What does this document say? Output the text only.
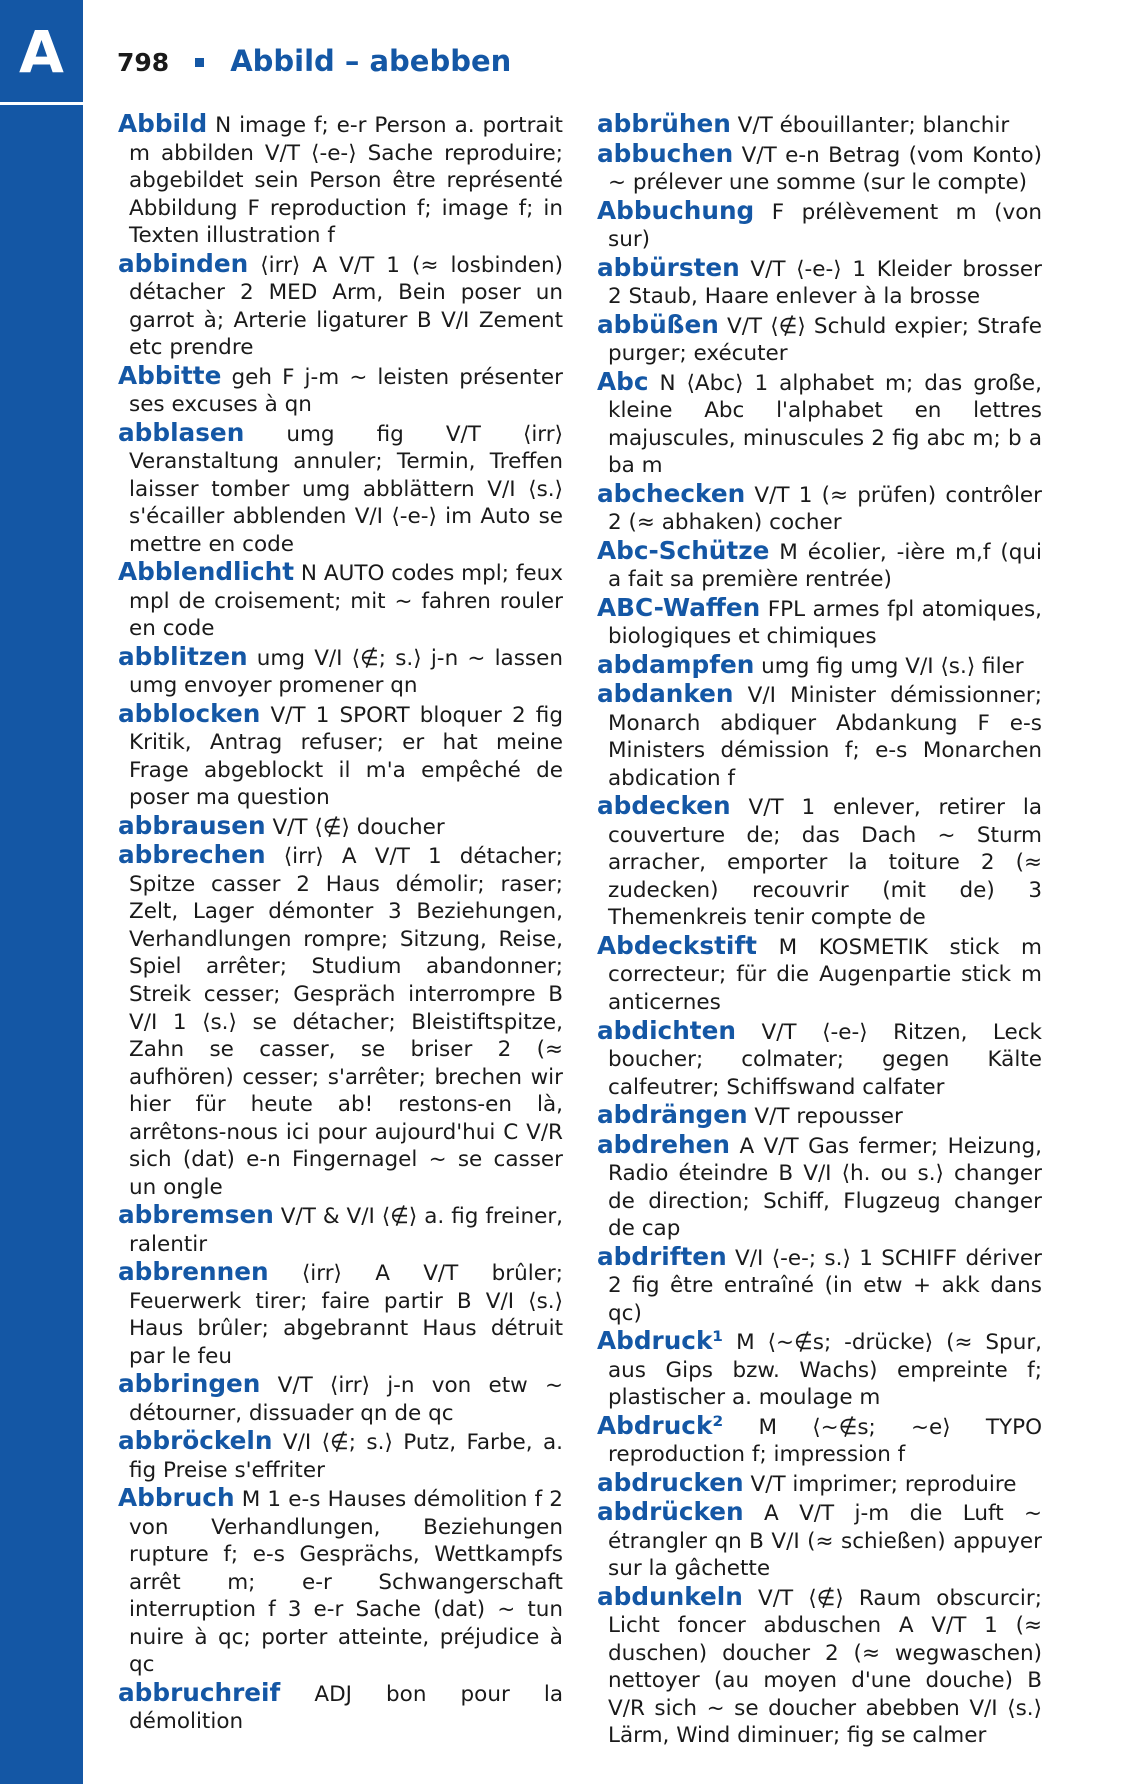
A	798 Abbild – abebben

Abbild N image f; e-r Person a. portrait m abbilden V/T ⟨-e-⟩ Sache reproduire; abgebildet sein Person être représenté Abbildung F reproduction f; image f; in Texten illustration f

abbinden ⟨irr⟩ A V/T 1 (≈ losbinden) détacher 2 MED Arm, Bein poser un garrot à; Arterie ligaturer B V/I Zement etc prendre

Abbitte geh F j-m ~ leisten présenter ses excuses à qn

abblasen umg fig V/T ⟨irr⟩ Veranstaltung annuler; Termin, Treffen laisser tomber umg abblättern V/I ⟨s.⟩ s'écailler abblenden V/I ⟨-e-⟩ im Auto se mettre en code

Abblendlicht N AUTO codes mpl; feux mpl de croisement; mit ~ fahren rouler en code

abblitzen umg V/I ⟨∉; s.⟩ j-n ~ lassen umg envoyer promener qn

abblocken V/T 1 SPORT bloquer 2 fig Kritik, Antrag refuser; er hat meine Frage abgeblockt il m'a empêché de poser ma question

abbrausen V/T ⟨∉⟩ doucher

abbrechen ⟨irr⟩ A V/T 1 détacher; Spitze casser 2 Haus démolir; raser; Zelt, Lager démonter 3 Beziehungen, Verhandlungen rompre; Sitzung, Reise, Spiel arrêter; Studium abandonner; Streik cesser; Gespräch interrompre B V/I 1 ⟨s.⟩ se détacher; Bleistiftspitze, Zahn se casser, se briser 2 (≈ aufhören) cesser; s'arrêter; brechen wir hier für heute ab! restons-en là, arrêtons-nous ici pour aujourd'hui C V/R sich (dat) e-n Fingernagel ~ se casser un ongle

abbremsen V/T & V/I ⟨∉⟩ a. fig freiner, ralentir

abbrennen ⟨irr⟩ A V/T brûler; Feuerwerk tirer; faire partir B V/I ⟨s.⟩ Haus brûler; abgebrannt Haus détruit par le feu

abbringen V/T ⟨irr⟩ j-n von etw ~ détourner, dissuader qn de qc

abbröckeln V/I ⟨∉; s.⟩ Putz, Farbe, a. fig Preise s'effriter

Abbruch M 1 e-s Hauses démolition f 2 von Verhandlungen, Beziehungen rupture f; e-s Gesprächs, Wettkampfs arrêt m; e-r Schwangerschaft interruption f 3 e-r Sache (dat) ~ tun nuire à qc; porter atteinte, préjudice à qc

abbruchreif ADJ bon pour la démolition

abbrühen V/T ébouillanter; blanchir

abbuchen V/T e-n Betrag (vom Konto) ~ prélever une somme (sur le compte)

Abbuchung F prélèvement m (von sur)

abbürsten V/T ⟨-e-⟩ 1 Kleider brosser 2 Staub, Haare enlever à la brosse

abbüßen V/T ⟨∉⟩ Schuld expier; Strafe purger; exécuter

Abc N ⟨Abc⟩ 1 alphabet m; das große, kleine Abc l'alphabet en lettres majuscules, minuscules 2 fig abc m; b a ba m

abchecken V/T 1 (≈ prüfen) contrôler 2 (≈ abhaken) cocher

Abc-Schütze M écolier, -ière m,f (qui a fait sa première rentrée)

ABC-Waffen FPL armes fpl atomiques, biologiques et chimiques

abdampfen umg fig umg V/I ⟨s.⟩ filer

abdanken V/I Minister démissionner; Monarch abdiquer Abdankung F e-s Ministers démission f; e-s Monarchen abdication f

abdecken V/T 1 enlever, retirer la couverture de; das Dach ~ Sturm arracher, emporter la toiture 2 (≈ zudecken) recouvrir (mit de) 3 Themenkreis tenir compte de

Abdeckstift M KOSMETIK stick m correcteur; für die Augenpartie stick m anticernes

abdichten V/T ⟨-e-⟩ Ritzen, Leck boucher; colmater; gegen Kälte calfeutrer; Schiffswand calfater

abdrängen V/T repousser

abdrehen A V/T Gas fermer; Heizung, Radio éteindre B V/I ⟨h. ou s.⟩ changer de direction; Schiff, Flugzeug changer de cap

abdriften V/I ⟨-e-; s.⟩ 1 SCHIFF dériver 2 fig être entraîné (in etw + akk dans qc)

Abdruck¹ M ⟨~∉s; -drücke⟩ (≈ Spur, aus Gips bzw. Wachs) empreinte f; plastischer a. moulage m

Abdruck² M ⟨~∉s; ~e⟩ TYPO reproduction f; impression f

abdrucken V/T imprimer; reproduire

abdrücken A V/T j-m die Luft ~ étrangler qn B V/I (≈ schießen) appuyer sur la gâchette

abdunkeln V/T ⟨∉⟩ Raum obscurcir; Licht foncer abduschen A V/T 1 (≈ duschen) doucher 2 (≈ wegwaschen) nettoyer (au moyen d'une douche) B V/R sich ~ se doucher abebben V/I ⟨s.⟩ Lärm, Wind diminuer; fig se calmer
